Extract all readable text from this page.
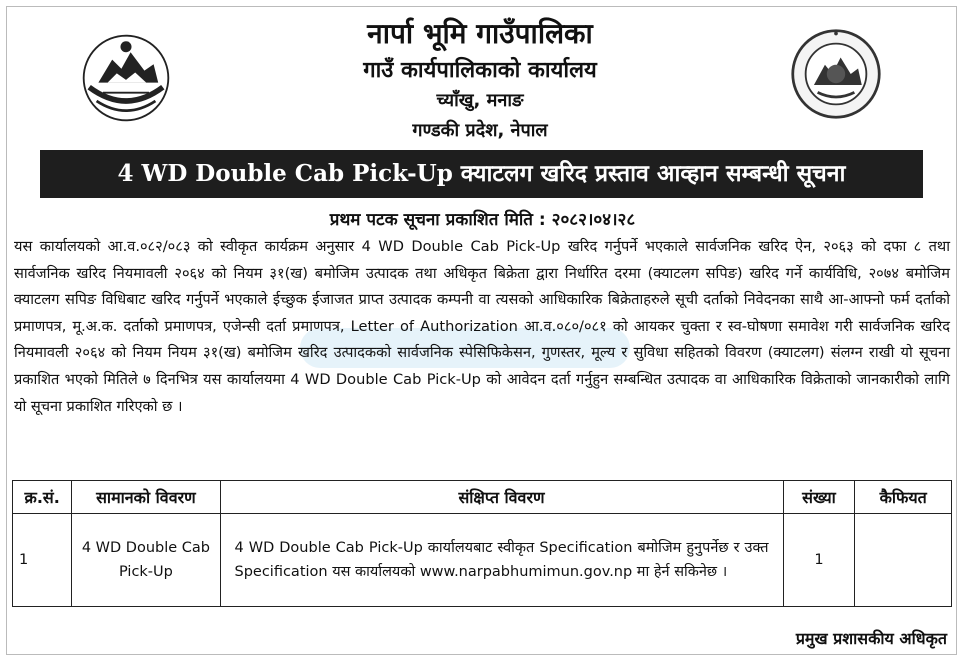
नार्पा भूमि गाउँपालिका
गाउँ कार्यपालिकाको कार्यालय
च्याँखु, मनाङ
गण्डकी प्रदेश, नेपाल
4 WD Double Cab Pick-Up क्याटलग खरिद प्रस्ताव आव्हान सम्बन्धी सूचना
प्रथम पटक सूचना प्रकाशित मिति : २०८२।०४।२८
यस कार्यालयको आ.व.०८२/०८३ को स्वीकृत कार्यक्रम अनुसार 4 WD Double Cab Pick-Up खरिद गर्नुपर्ने भएकाले सार्वजनिक खरिद ऐन, २०६३ को दफा ८ तथा सार्वजनिक खरिद नियमावली २०६४ को नियम ३१(ख) बमोजिम उत्पादक तथा अधिकृत बिक्रेता द्वारा निर्धारित दरमा (क्याटलग सपिङ) खरिद गर्ने कार्यविधि, २०७४ बमोजिम क्याटलग सपिङ विधिबाट खरिद गर्नुपर्ने भएकाले ईच्छुक ईजाजत प्राप्त उत्पादक कम्पनी वा त्यसको आधिकारिक बिक्रेताहरुले सूची दर्ताको निवेदनका साथै आ-आफ्नो फर्म दर्ताको प्रमाणपत्र, मू.अ.क. दर्ताको प्रमाणपत्र, एजेन्सी दर्ता प्रमाणपत्र, Letter of Authorization आ.व.०८०/०८१ को आयकर चुक्ता र स्व-घोषणा समावेश गरी सार्वजनिक खरिद नियमावली २०६४ को नियम नियम ३१(ख) बमोजिम खरिद उत्पादकको सार्वजनिक स्पेसिफिकेसन, गुणस्तर, मूल्य र सुविधा सहितको विवरण (क्याटलग) संलग्न राखी यो सूचना प्रकाशित भएको मितिले ७ दिनभित्र यस कार्यालयमा 4 WD Double Cab Pick-Up को आवेदन दर्ता गर्नुहुन सम्बन्धित उत्पादक वा आधिकारिक विक्रेताको जानकारीको लागि यो सूचना प्रकाशित गरिएको छ ।
क्र.सं.	सामानको विवरण	संक्षिप्त विवरण	संख्या	कैफियत
1	4 WD Double Cab Pick-Up	4 WD Double Cab Pick-Up कार्यालयबाट स्वीकृत Specification बमोजिम हुनुपर्नेछ र उक्त Specification यस कार्यालयको www.narpabhumimun.gov.np मा हेर्न सकिनेछ ।	1	
प्रमुख प्रशासकीय अधिकृत
